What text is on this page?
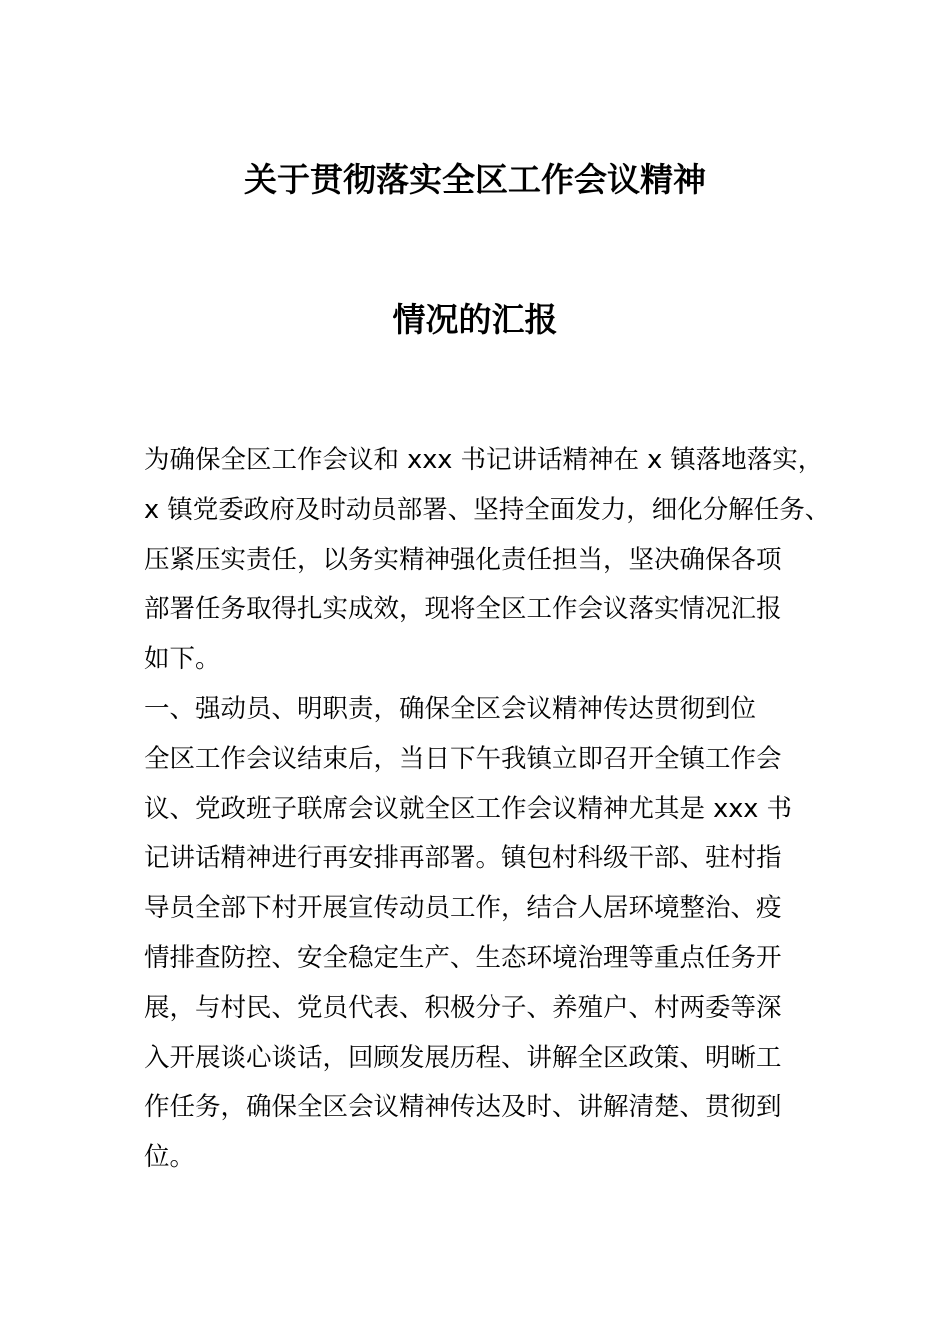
关于贯彻落实全区工作会议精神
情况的汇报

为确保全区工作会议和 xxx 书记讲话精神在 x 镇落地落实，

x 镇党委政府及时动员部署、坚持全面发力，细化分解任务、

压紧压实责任，以务实精神强化责任担当，坚决确保各项

部署任务取得扎实成效，现将全区工作会议落实情况汇报

如下。

一、强动员、明职责，确保全区会议精神传达贯彻到位

全区工作会议结束后，当日下午我镇立即召开全镇工作会

议、党政班子联席会议就全区工作会议精神尤其是 xxx 书

记讲话精神进行再安排再部署。镇包村科级干部、驻村指

导员全部下村开展宣传动员工作，结合人居环境整治、疫

情排查防控、安全稳定生产、生态环境治理等重点任务开

展，与村民、党员代表、积极分子、养殖户、村两委等深

入开展谈心谈话，回顾发展历程、讲解全区政策、明晰工

作任务，确保全区会议精神传达及时、讲解清楚、贯彻到

位。
